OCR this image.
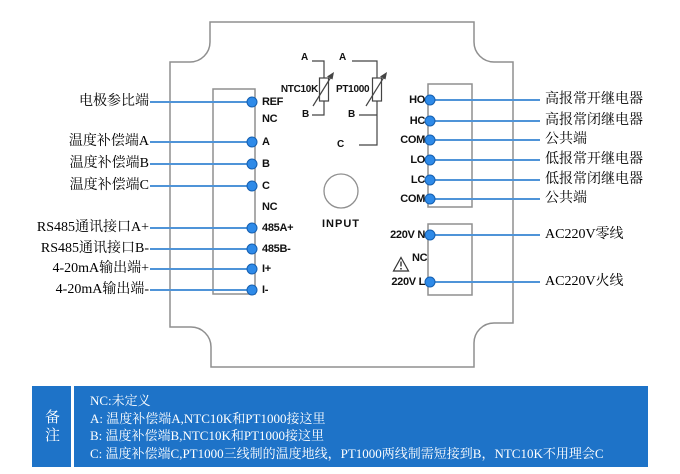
电极参比端
温度补偿端A
温度补偿端B
温度补偿端C
RS485通讯接口A+
RS485通讯接口B-
4-20mA输出端+
4-20mA输出端-
REF
NC
A
B
C
NC
485A+
485B-
I+
I-
HO
HC
COM
LO
LC
COM
220V N
NC
220V L
高报常开继电器
高报常闭继电器
公共端
低报常开继电器
低报常闭继电器
公共端
AC220V零线
AC220V火线
NTC10K
A
B
PT1000
A
B
C
INPUT
备注
NC:未定义
A: 温度补偿端A,NTC10K和PT1000接这里
B: 温度补偿端B,NTC10K和PT1000接这里
C: 温度补偿端C,PT1000三线制的温度地线，PT1000两线制需短接到B，NTC10K不用理会C
